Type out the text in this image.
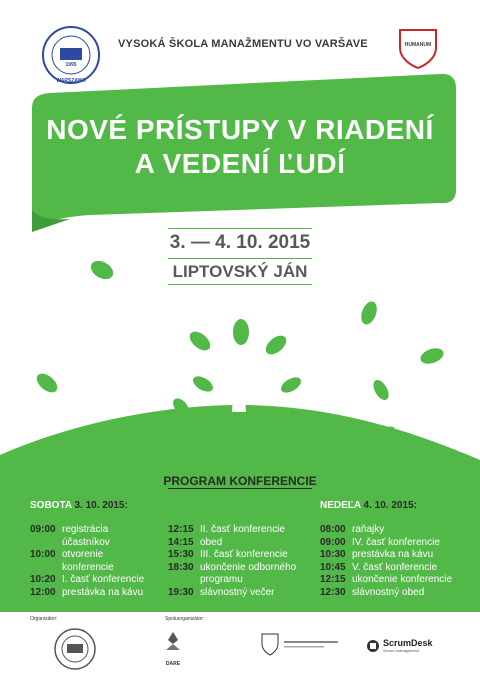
1995
WARSZAWA
VYSOKÁ ŠKOLA MANAŽMENTU VO VARŠAVE	HUMANUM
NOVÉ PRÍSTUPY V RIADENÍ
A VEDENÍ ĽUDÍ
3. — 4. 10. 2015
LIPTOVSKÝ JÁN
PROGRAM KONFERENCIE
SOBOTA 3. 10. 2015:	NEDEĽA 4. 10. 2015:
09:00 registrácia
účastníkov
10:00 otvorenie
konferencie
10:20 I. časť konferencie
12:00 prestávka na kávu
12:15 II. časť konferencie
14:15 obed
15:30 III. časť konferencie
18:30 ukončenie odborného
programu
19:30 slávnostný večer
08:00 raňajky
09:00 IV. časť konferencie
10:30 prestávka na kávu
10:45 V. časť konferencie
12:15 ukončenie konferencie
12:30 slávnostný obed
Organizátor:	Spoluorganizátor:
DARE
ScrumDesk
Scrum management
